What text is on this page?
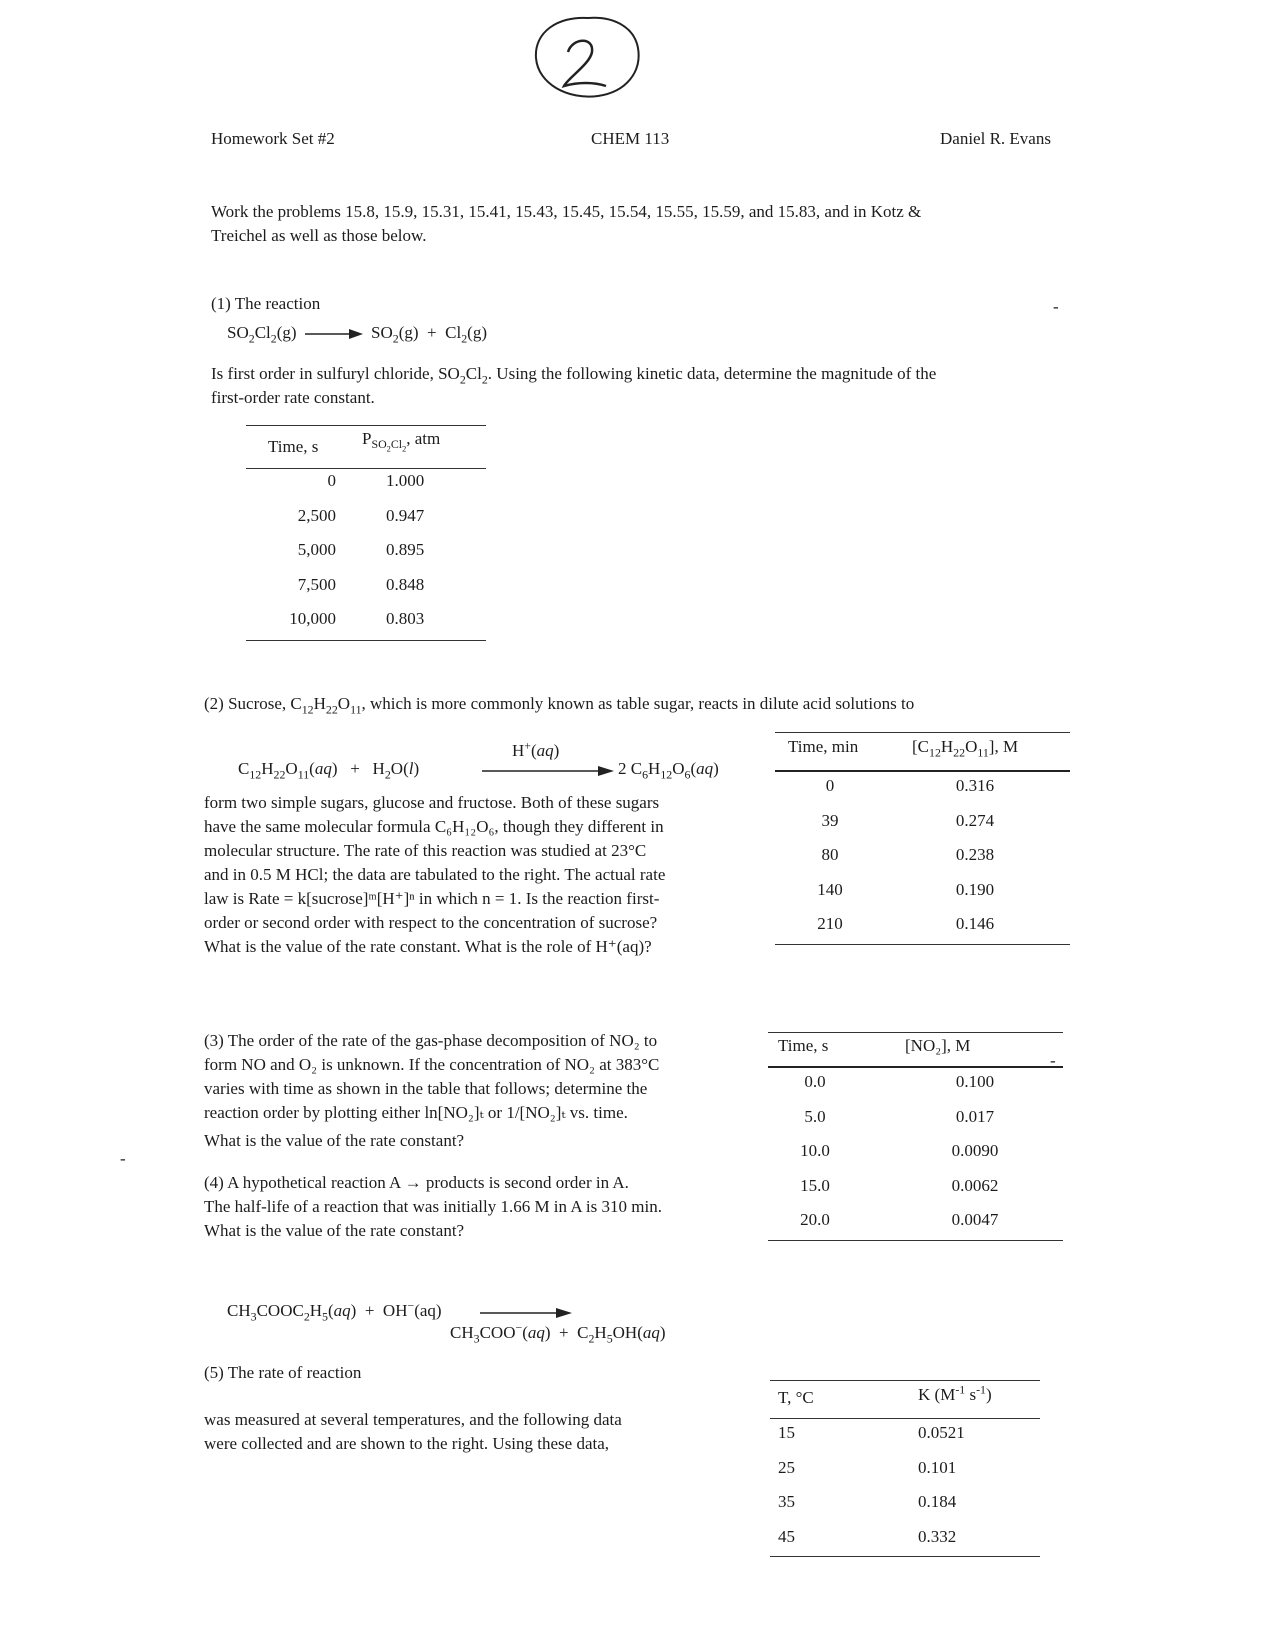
Homework Set #2	CHEM 113	Daniel R. Evans
Work the problems 15.8, 15.9, 15.31, 15.41, 15.43, 15.45, 15.54, 15.55, 15.59, and 15.83, and in Kotz &
Treichel as well as those below.
(1) The reaction
$SO_2Cl_2(g) \to SO_2(g) + Cl_2(g)$
-
Is first order in sulfuryl chloride, $SO_2Cl_2$. Using the following kinetic data, determine the magnitude of the
first-order rate constant.
Time, s	$P_{SO_2Cl_2}$, atm
0	1.000
2,500	0.947
5,000	0.895
7,500	0.848
10,000	0.803
(2) Sucrose, $C_{12}H_{22}O_{11}$, which is more commonly known as table sugar, reacts in dilute acid solutions to
$C_{12}H_{22}O_{11}(aq) + H_2O(l)$
H+(aq)
2 $C_6H_{12}O_6(aq)$
form two simple sugars, glucose and fructose. Both of these sugars
have the same molecular formula C₆H₁₂O₆, though they different in
molecular structure. The rate of this reaction was studied at 23°C
and in 0.5 M HCl; the data are tabulated to the right. The actual rate
law is Rate = k[sucrose]ᵐ[H⁺]ⁿ in which n = 1. Is the reaction first-
order or second order with respect to the concentration of sucrose?
What is the value of the rate constant. What is the role of H⁺(aq)?
Time, min	$[C_{12}H_{22}O_{11}]$, M
0	0.316
39	0.274
80	0.238
140	0.190
210	0.146
(3) The order of the rate of the gas-phase decomposition of NO₂ to
form NO and O₂ is unknown. If the concentration of NO₂ at 383°C
varies with time as shown in the table that follows; determine the
reaction order by plotting either ln[NO₂]ₜ or 1/[NO₂]ₜ vs. time.
What is the value of the rate constant?
Time, s	[NO₂], M
0.0	0.100
5.0	0.017
10.0	0.0090
15.0	0.0062
20.0	0.0047
(4) A hypothetical reaction A → products is second order in A.
The half-life of a reaction that was initially 1.66 M in A is 310 min.
What is the value of the rate constant?
$CH_3COOC_2H_5(aq) + OH^-(aq)$
$CH_3COO^-(aq) + C_2H_5OH(aq)$
(5) The rate of reaction
was measured at several temperatures, and the following data
were collected and are shown to the right. Using these data,
T, °C	K ($M^{-1}$ $s^{-1}$)
15	0.0521
25	0.101
35	0.184
45	0.332
-
-
